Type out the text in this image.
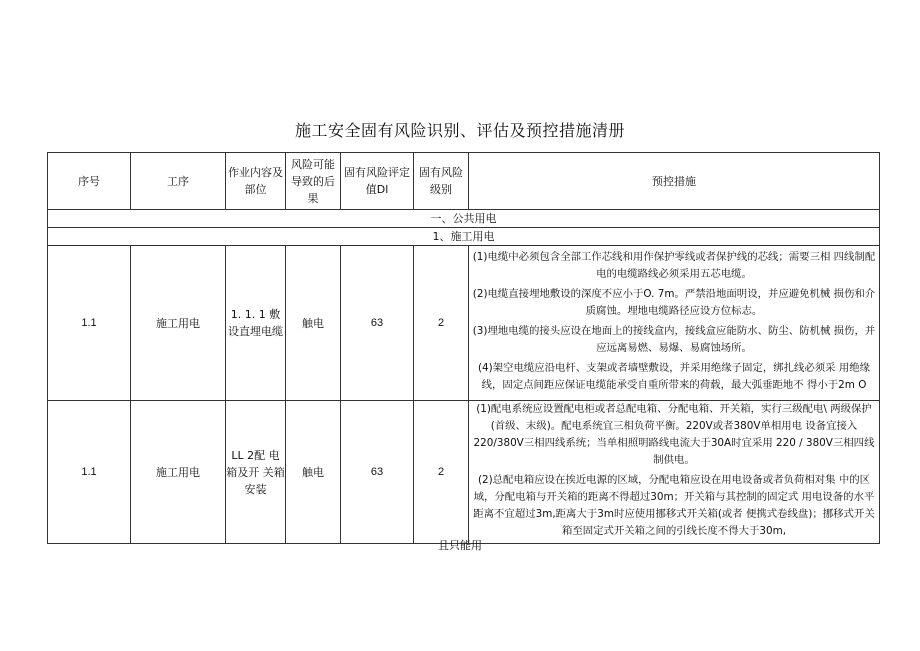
施工安全固有风险识别、评估及预控措施清册
序号	工序	作业内容及部位	风险可能导致的后果	固有风险评定值Dl	固有风险级别	预控措施
一、公共用电						
1、施工用电						
1.1	施工用电	1. 1. 1 敷设直埋电缆	触电	63	2	(1)电缆中必须包含全部工作芯线和用作保护零线或者保护线的芯线；需要三相 四线制配电的电缆路线必须采用五芯电缆。
(2)电缆直接埋地敷设的深度不应小于O. 7m。严禁沿地面明设，并应避免机械 损伤和介质腐蚀。埋地电缆路径应设方位标志。
(3)埋地电缆的接头应设在地面上的接线盒内，接线盒应能防水、防尘、防机械 损伤，并应远离易燃、易爆、易腐蚀场所。
(4)架空电缆应沿电杆、支架或者墙壁敷设，并采用绝缘子固定，绑扎线必须采 用绝缘线，固定点间距应保证电缆能承受自重所带来的荷载，最大弧垂距地不 得小于2m O

1.1	施工用电	LL 2配 电箱及开 关箱安装	触电	63	2	(1)配电系统应设置配电柜或者总配电箱、分配电箱、开关箱，实行三级配电\ 两级保护(首级、末级)。配电系统宜三相负荷平衡。220V或者380V单相用电 设备宜接入220/380V三相四线系统；当单相照明路线电流大于30A时宜采用 220 / 380V三相四线制供电。
(2)总配电箱应设在挨近电源的区域，分配电箱应设在用电设备或者负荷相对集 中的区域，分配电箱与开关箱的距离不得超过30m；开关箱与其控制的固定式 用电设备的水平距离不宜超过3m,距离大于3m时应使用挪移式开关箱(或者 便携式卷线盘)；挪移式开关箱至固定式开关箱之间的引线长度不得大于30m,
且只能用
